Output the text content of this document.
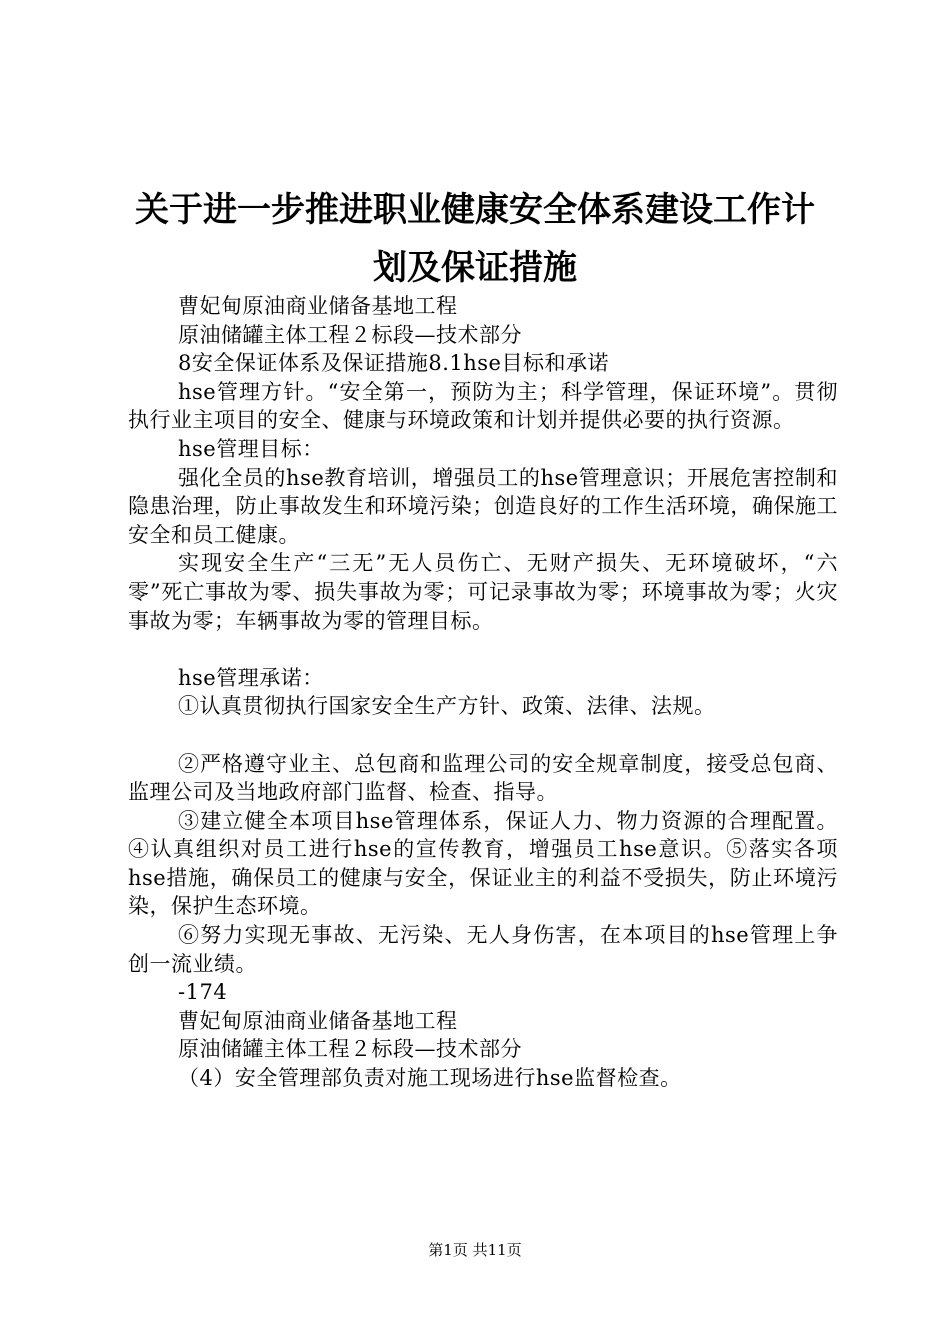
关于进一步推进职业健康安全体系建设工作计
划及保证措施

曹妃甸原油商业储备基地工程

原油储罐主体工程２标段—技术部分

8安全保证体系及保证措施8.1hse目标和承诺

hse管理方针。“安全第一，预防为主；科学管理，保证环境”。贯彻执行业主项目的安全、健康与环境政策和计划并提供必要的执行资源。

hse管理目标：

强化全员的hse教育培训，增强员工的hse管理意识；开展危害控制和隐患治理，防止事故发生和环境污染；创造良好的工作生活环境，确保施工安全和员工健康。

实现安全生产“三无”无人员伤亡、无财产损失、无环境破坏，“六零”死亡事故为零、损失事故为零；可记录事故为零；环境事故为零；火灾事故为零；车辆事故为零的管理目标。

hse管理承诺：

①认真贯彻执行国家安全生产方针、政策、法律、法规。

②严格遵守业主、总包商和监理公司的安全规章制度，接受总包商、监理公司及当地政府部门监督、检查、指导。

③建立健全本项目hse管理体系，保证人力、物力资源的合理配置。④认真组织对员工进行hse的宣传教育，增强员工hse意识。⑤落实各项hse措施，确保员工的健康与安全，保证业主的利益不受损失，防止环境污染，保护生态环境。

⑥努力实现无事故、无污染、无人身伤害，在本项目的hse管理上争创一流业绩。

-174

曹妃甸原油商业储备基地工程

原油储罐主体工程２标段—技术部分

（4）安全管理部负责对施工现场进行hse监督检查。

第1页 共11页
